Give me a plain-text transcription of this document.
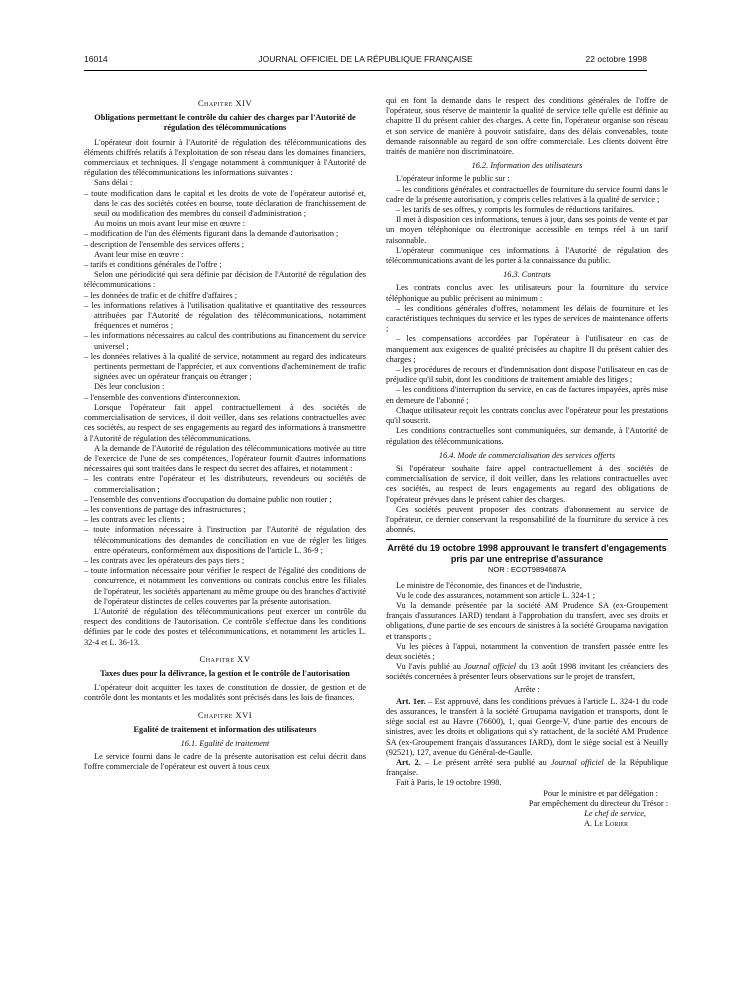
16014	JOURNAL OFFICIEL DE LA RÉPUBLIQUE FRANÇAISE	22 octobre 1998

Chapitre XIV

Obligations permettant le contrôle du cahier des charges par l'Autorité de régulation des télécommunications

L'opérateur doit fournir à l'Autorité de régulation des télécommunications des éléments chiffrés relatifs à l'exploitation de son réseau dans les domaines financiers, commerciaux et techniques. Il s'engage notamment à communiquer à l'Autorité de régulation des télécommunications les informations suivantes :

Sans délai :

– toute modification dans le capital et les droits de vote de l'opérateur autorisé et, dans le cas des sociétés cotées en bourse, toute déclaration de franchissement de seuil ou modification des membres du conseil d'administration ;

Au moins un mois avant leur mise en œuvre :

– modification de l'un des éléments figurant dans la demande d'autorisation ;

– description de l'ensemble des services offerts ;

Avant leur mise en œuvre :

– tarifs et conditions générales de l'offre ;

Selon une périodicité qui sera définie par décision de l'Autorité de régulation des télécommunications :

– les données de trafic et de chiffre d'affaires ;

– les informations relatives à l'utilisation qualitative et quantitative des ressources attribuées par l'Autorité de régulation des télécommunications, notamment fréquences et numéros ;

– les informations nécessaires au calcul des contributions au financement du service universel ;

– les données relatives à la qualité de service, notamment au regard des indicateurs pertinents permettant de l'apprécier, et aux conventions d'acheminement de trafic signées avec un opérateur français ou étranger ;

Dès leur conclusion :

– l'ensemble des conventions d'interconnexion.

Lorsque l'opérateur fait appel contractuellement à des sociétés de commercialisation de services, il doit veiller, dans ses relations contractuelles avec ces sociétés, au respect de ses engagements au regard des informations à transmettre à l'Autorité de régulation des télécommunications.

A la demande de l'Autorité de régulation des télécommunications motivée au titre de l'exercice de l'une de ses compétences, l'opérateur fournit d'autres informations nécessaires qui sont traitées dans le respect du secret des affaires, et notamment :

– les contrats entre l'opérateur et les distributeurs, revendeurs ou sociétés de commercialisation ;

– l'ensemble des conventions d'occupation du domaine public non routier ;

– les conventions de partage des infrastructures ;

– les contrats avec les clients ;

– toute information nécessaire à l'instruction par l'Autorité de régulation des télécommunications des demandes de conciliation en vue de régler les litiges entre opérateurs, conformément aux dispositions de l'article L. 36-9 ;

– les contrats avec les opérateurs des pays tiers ;

– toute information nécessaire pour vérifier le respect de l'égalité des conditions de concurrence, et notamment les conventions ou contrats conclus entre les filiales de l'opérateur, les sociétés appartenant au même groupe ou des branches d'activité de l'opérateur distinctes de celles couvertes par la présente autorisation.

L'Autorité de régulation des télécommunications peut exercer un contrôle du respect des conditions de l'autorisation. Ce contrôle s'effectue dans les conditions définies par le code des postes et télécommunications, et notamment les articles L. 32-4 et L. 36-13.

Chapitre XV

Taxes dues pour la délivrance, la gestion et le contrôle de l'autorisation

L'opérateur doit acquitter les taxes de constitution de dossier, de gestion et de contrôle dont les montants et les modalités sont précisés dans les lois de finances.

Chapitre XVI

Egalité de traitement et information des utilisateurs

16.1. Egalité de traitement

Le service fourni dans le cadre de la présente autorisation est celui décrit dans l'offre commerciale de l'opérateur est ouvert à tous ceux

qui en font la demande dans le respect des conditions générales de l'offre de l'opérateur, sous réserve de maintenir la qualité de service telle qu'elle est définie au chapitre II du présent cahier des charges. A cette fin, l'opérateur organise son réseau et son service de manière à pouvoir satisfaire, dans des délais convenables, toute demande raisonnable au regard de son offre commerciale. Les clients doivent être traités de manière non discriminatoire.

16.2. Information des utilisateurs

L'opérateur informe le public sur :

– les conditions générales et contractuelles de fourniture du service fourni dans le cadre de la présente autorisation, y compris celles relatives à la qualité de service ;

– les tarifs de ses offres, y compris les formules de réductions tarifaires.

Il met à disposition ces informations, tenues à jour, dans ses points de vente et par un moyen téléphonique ou électronique accessible en temps réel à un tarif raisonnable.

L'opérateur communique ces informations à l'Autorité de régulation des télécommunications avant de les porter à la connaissance du public.

16.3. Contrats

Les contrats conclus avec les utilisateurs pour la fourniture du service téléphonique au public précisent au minimum :

– les conditions générales d'offres, notamment les délais de fourniture et les caractéristiques techniques du service et les types de services de maintenance offerts ;

– les compensations accordées par l'opérateur à l'utilisateur en cas de manquement aux exigences de qualité précisées au chapitre II du présent cahier des charges ;

– les procédures de recours et d'indemnisation dont dispose l'utilisateur en cas de préjudice qu'il subit, dont les conditions de traitement amiable des litiges ;

– les conditions d'interruption du service, en cas de factures impayées, après mise en demeure de l'abonné ;

Chaque utilisateur reçoit les contrats conclus avec l'opérateur pour les prestations qu'il souscrit.

Les conditions contractuelles sont communiquées, sur demande, à l'Autorité de régulation des télécommunications.

16.4. Mode de commercialisation des services offerts

Si l'opérateur souhaite faire appel contractuellement à des sociétés de commercialisation de service, il doit veiller, dans les relations contractuelles avec ces sociétés, au respect de leurs engagements au regard des obligations de l'opérateur prévues dans le présent cahier des charges.

Ces sociétés peuvent proposer des contrats d'abonnement au service de l'opérateur, ce dernier conservant la responsabilité de la fourniture du service à ces abonnés.

Arrêté du 19 octobre 1998 approuvant le transfert d'engagements pris par une entreprise d'assurance
NOR : ECOT9894687A

Le ministre de l'économie, des finances et de l'industrie,

Vu le code des assurances, notamment son article L. 324-1 ;

Vu la demande présentée par la société AM Prudence SA (ex-Groupement français d'assurances IARD) tendant à l'approbation du transfert, avec ses droits et obligations, d'une partie de ses encours de sinistres à la société Groupama navigation et transports ;

Vu les pièces à l'appui, notamment la convention de transfert passée entre les deux sociétés ;

Vu l'avis publié au Journal officiel du 13 août 1998 invitant les créanciers des sociétés concernées à présenter leurs observations sur le projet de transfert,

Arrête :

Art. 1er. – Est approuvé, dans les conditions prévues à l'article L. 324-1 du code des assurances, le transfert à la société Groupama navigation et transports, dont le siège social est au Havre (76600), 1, quai George-V, d'une partie des encours de sinistres, avec les droits et obligations qui s'y rattachent, de la société AM Prudence SA (ex-Groupement français d'assurances IARD), dont le siège social est à Neuilly (92521), 127, avenue du Général-de-Gaulle.

Art. 2. – Le présent arrêté sera publié au Journal officiel de la République française.

Fait à Paris, le 19 octobre 1998.

Pour le ministre et par délégation :

Par empêchement du directeur du Trésor :

Le chef de service,

A. Le Lorier
